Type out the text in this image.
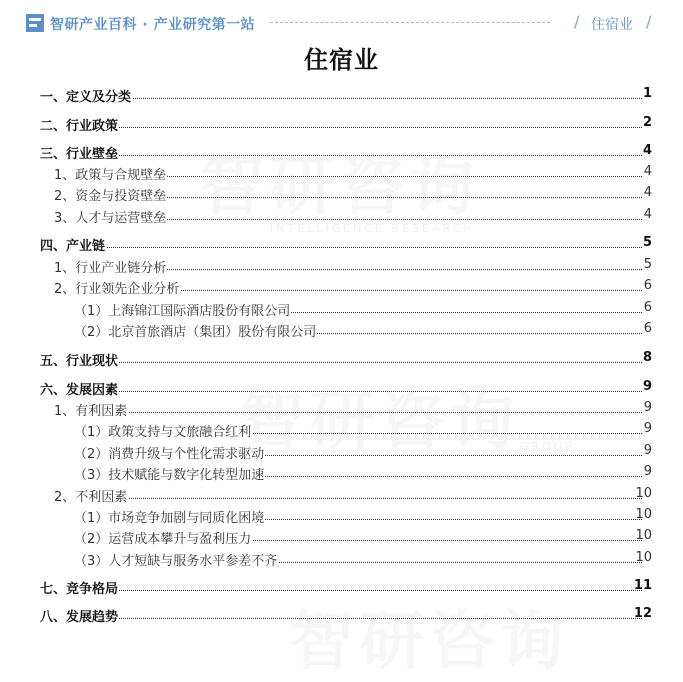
智研产业百科 · 产业研究第一站	/ 住宿业 /
智研咨询
INTELLIGENCE RESEARCH
智研咨询 GROUP
智研咨询
住宿业
一、定义及分类	1
二、行业政策	2
三、行业壁垒	4
1、政策与合规壁垒	4
2、资金与投资壁垒	4
3、人才与运营壁垒	4
四、产业链	5
1、行业产业链分析	5
2、行业领先企业分析	6
（1）上海锦江国际酒店股份有限公司	6
（2）北京首旅酒店（集团）股份有限公司	6
五、行业现状	8
六、发展因素	9
1、有利因素	9
（1）政策支持与文旅融合红利	9
（2）消费升级与个性化需求驱动	9
（3）技术赋能与数字化转型加速	9
2、不利因素	10
（1）市场竞争加剧与同质化困境	10
（2）运营成本攀升与盈利压力	10
（3）人才短缺与服务水平参差不齐	10
七、竞争格局	11
八、发展趋势	12
